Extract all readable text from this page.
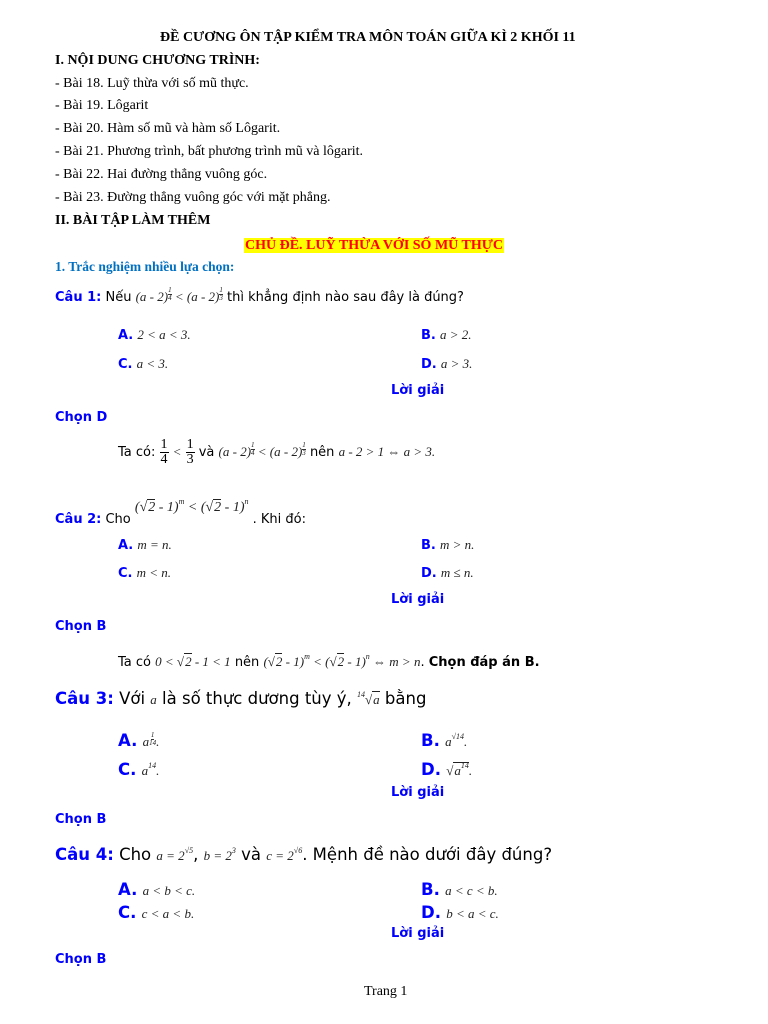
ĐỀ CƯƠNG ÔN TẬP KIỂM TRA MÔN TOÁN GIỮA KÌ 2 KHỐI 11
I. NỘI DUNG CHƯƠNG TRÌNH:
- Bài 18. Luỹ thừa với số mũ thực.
- Bài 19. Lôgarit
- Bài 20. Hàm số mũ và hàm số Lôgarit.
- Bài 21. Phương trình, bất phương trình mũ và lôgarit.
- Bài 22. Hai đường thẳng vuông góc.
- Bài 23. Đường thẳng vuông góc với mặt phẳng.
II. BÀI TẬP LÀM THÊM
CHỦ ĐỀ. LUỸ THỪA VỚI SỐ MŨ THỰC
1. Trắc nghiệm nhiều lựa chọn:
Câu 1: Nếu $(a - 2) \frac{1}{4} < (a - 2) \frac{1}{3}$ thì khẳng định nào sau đây là đúng?
A. 2 < a < 3.	B. a > 2.
C. a < 3.	D. a > 3.
Lời giải
Chọn D
Ta có: $\frac{1}{4} < \frac{1}{3}$ và $(a - 2) \frac{1}{4} < (a - 2) \frac{1}{3}$ nên a - 2 > 1 ⇔ a > 3.
Câu 2: Cho (√2 - 1)$^m$ < (√2 - 1)$^n$ . Khi đó:
A. m = n.	B. m > n.
C. m < n.	D. m ≤ n.
Lời giải
Chọn B
Ta có 0 < √2 - 1 < 1 nên (√2 - 1)$^m$ < (√2 - 1)$^n$ ⇔ m > n. Chọn đáp án B.
Câu 3: Với a là số thực dương tùy ý, $^{14}$√a bằng
A. a $\frac{1}{14}$ .	B. $a^{√14}$.
C. $a^{14}$.	D. $√a^{14}$.
Lời giải
Chọn B
Câu 4: Cho $a = 2^{√5}$, $b = 2^3$ và $c = 2^{√6}$. Mệnh đề nào dưới đây đúng?
A. a < b < c.	B. a < c < b.
C. c < a < b.	D. b < a < c.
Lời giải
Chọn B
Trang 1
